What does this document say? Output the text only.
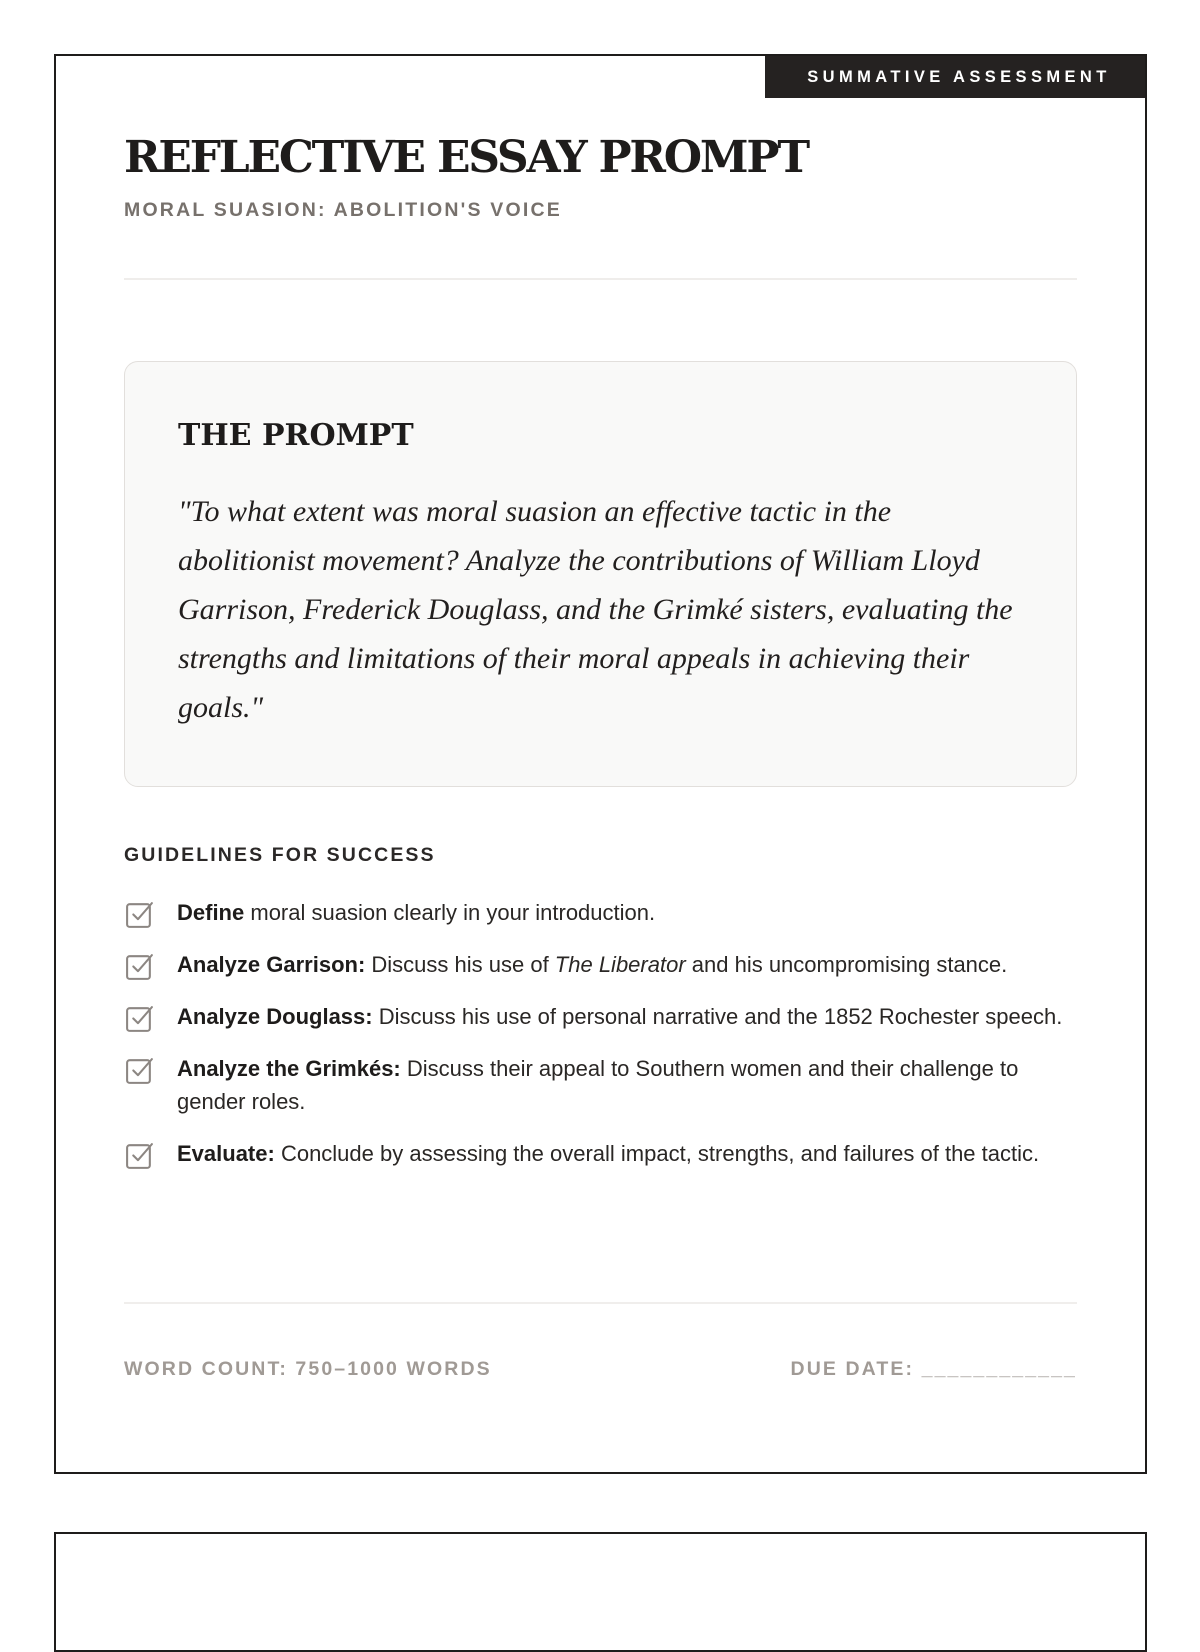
SUMMATIVE ASSESSMENT
REFLECTIVE ESSAY PROMPT
MORAL SUASION: ABOLITION'S VOICE
THE PROMPT

"To what extent was moral suasion an effective tactic in the abolitionist movement? Analyze the contributions of William Lloyd Garrison, Frederick Douglass, and the Grimké sisters, evaluating the strengths and limitations of their moral appeals in achieving their goals."

GUIDELINES FOR SUCCESS
Define moral suasion clearly in your introduction.
Analyze Garrison: Discuss his use of The Liberator and his uncompromising stance.
Analyze Douglass: Discuss his use of personal narrative and the 1852 Rochester speech.
Analyze the Grimkés: Discuss their appeal to Southern women and their challenge to gender roles.
Evaluate: Conclude by assessing the overall impact, strengths, and failures of the tactic.
WORD COUNT: 750–1000 WORDS	DUE DATE: ____________
